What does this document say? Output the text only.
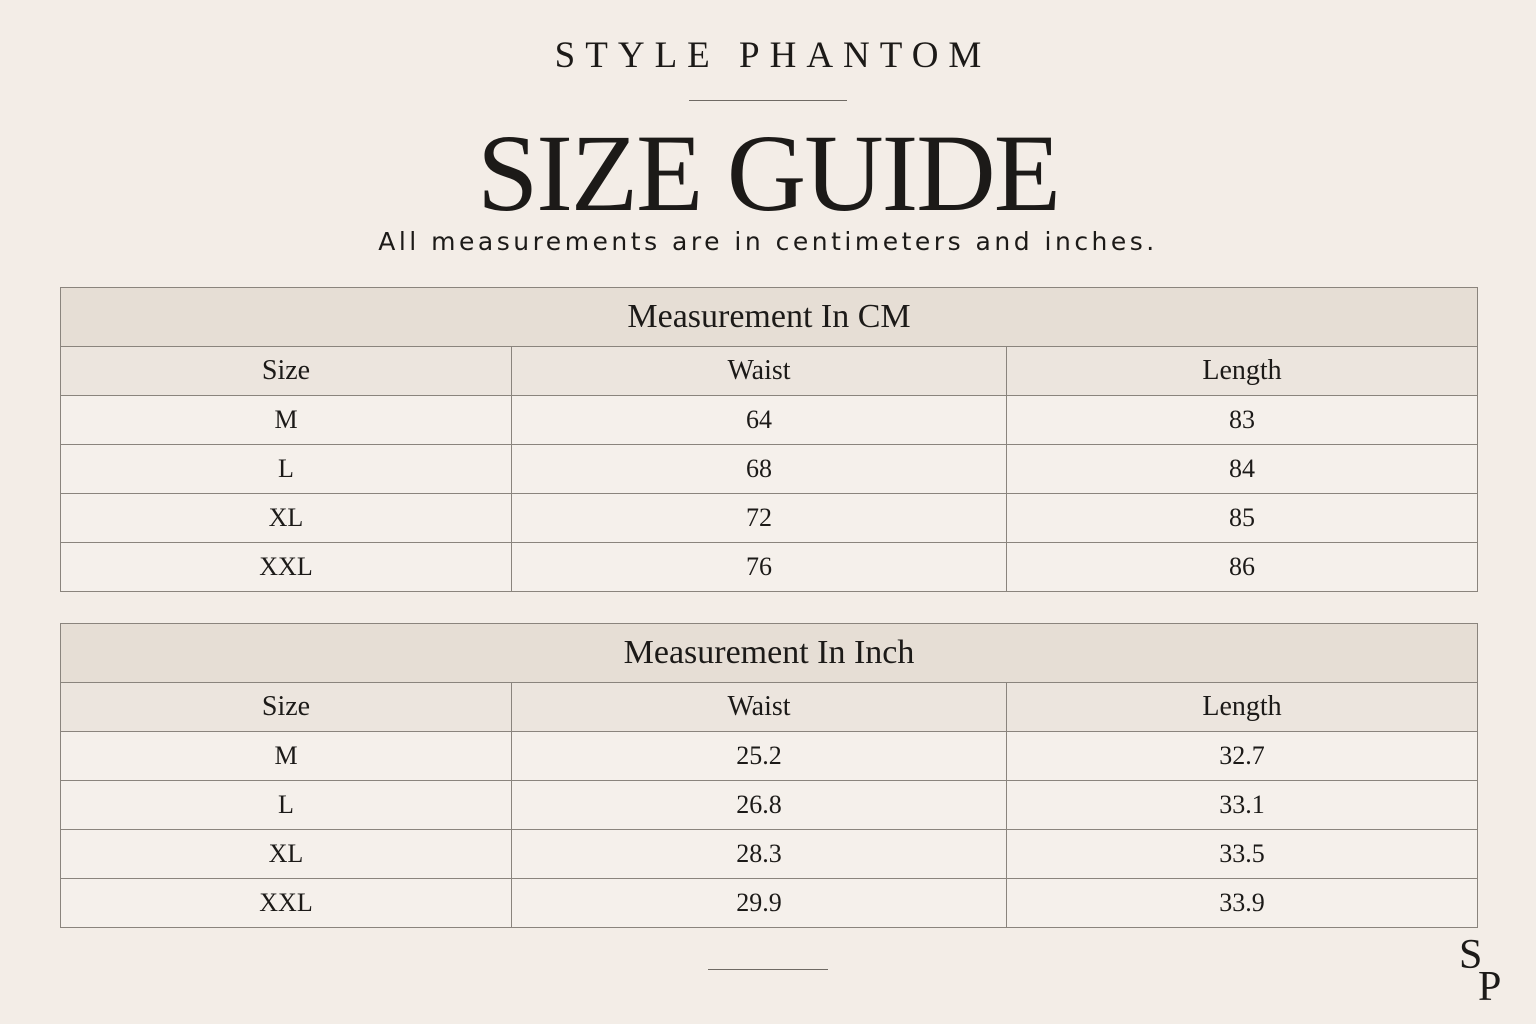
STYLE PHANTOM
SIZE GUIDE
All measurements are in centimeters and inches.
Measurement In CM		
Size	Waist	Length
M	64	83
L	68	84
XL	72	85
XXL	76	86
Measurement In Inch		
Size	Waist	Length
M	25.2	32.7
L	26.8	33.1
XL	28.3	33.5
XXL	29.9	33.9
S
P
